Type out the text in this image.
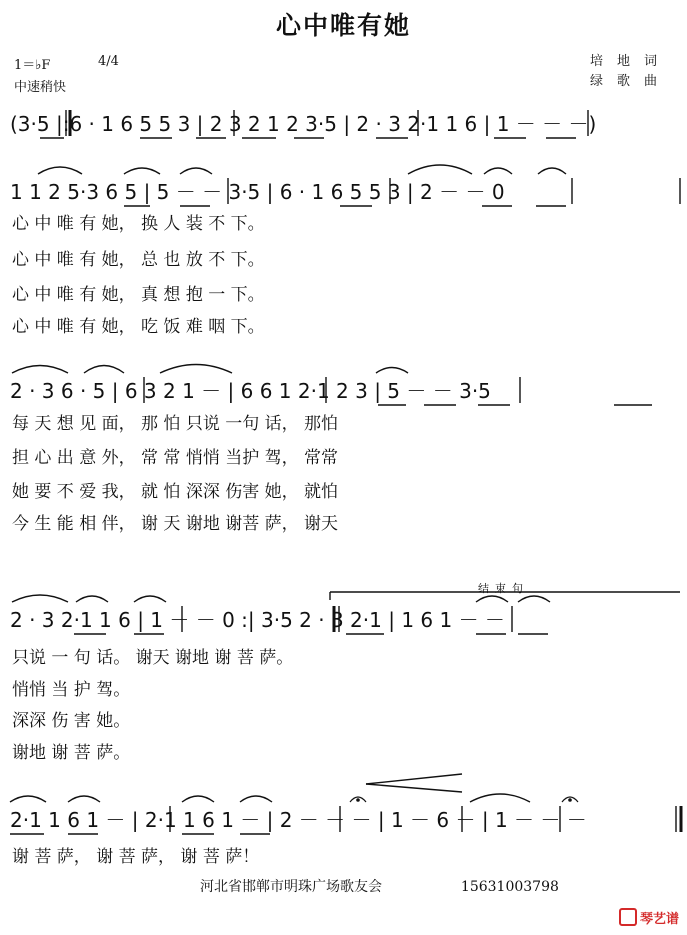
心中唯有她
1＝♭F	4/4
中速稍快
培地词
绿歌曲
(3·5 |:6 · 1 6 5 5 3 | 2 3 2 1 2 3·5 | 2 · 3 2·1 1 6 | 1 － － －)
1 1 2 5·3 6 5 | 5 － － 3·5 | 6 · 1 6 5 5 3 | 2 － － 0
2 · 3 6 · 5 | 6 3 2 1 － | 6 6 1 2·1 2 3 | 5 － － 3·5
2 · 3 2·1 1 6 | 1 － － 0 :| 3·5 2 · 3 2·1 | 1 6 1 － －
2·1 1 6 1 － | 2·1 1 6 1 － | 2 － － － | 1 － 6 － | 1 － － －
结束句
心 中 唯 有 她， 换 人 装 不 下。
心 中 唯 有 她， 总 也 放 不 下。
心 中 唯 有 她， 真 想 抱 一 下。
心 中 唯 有 她， 吃 饭 难 咽 下。
每 天 想 见 面， 那 怕 只说 一句 话， 那怕
担 心 出 意 外， 常 常 悄悄 当护 驾， 常常
她 要 不 爱 我， 就 怕 深深 伤害 她， 就怕
今 生 能 相 伴， 谢 天 谢地 谢菩 萨， 谢天
只说 一 句 话。 谢天 谢地 谢 菩 萨。
悄悄 当 护 驾。
深深 伤 害 她。
谢地 谢 菩 萨。
谢 菩 萨， 谢 菩 萨， 谢 菩 萨！
河北省邯郸市明珠广场歌友会	15631003798
琴艺谱
